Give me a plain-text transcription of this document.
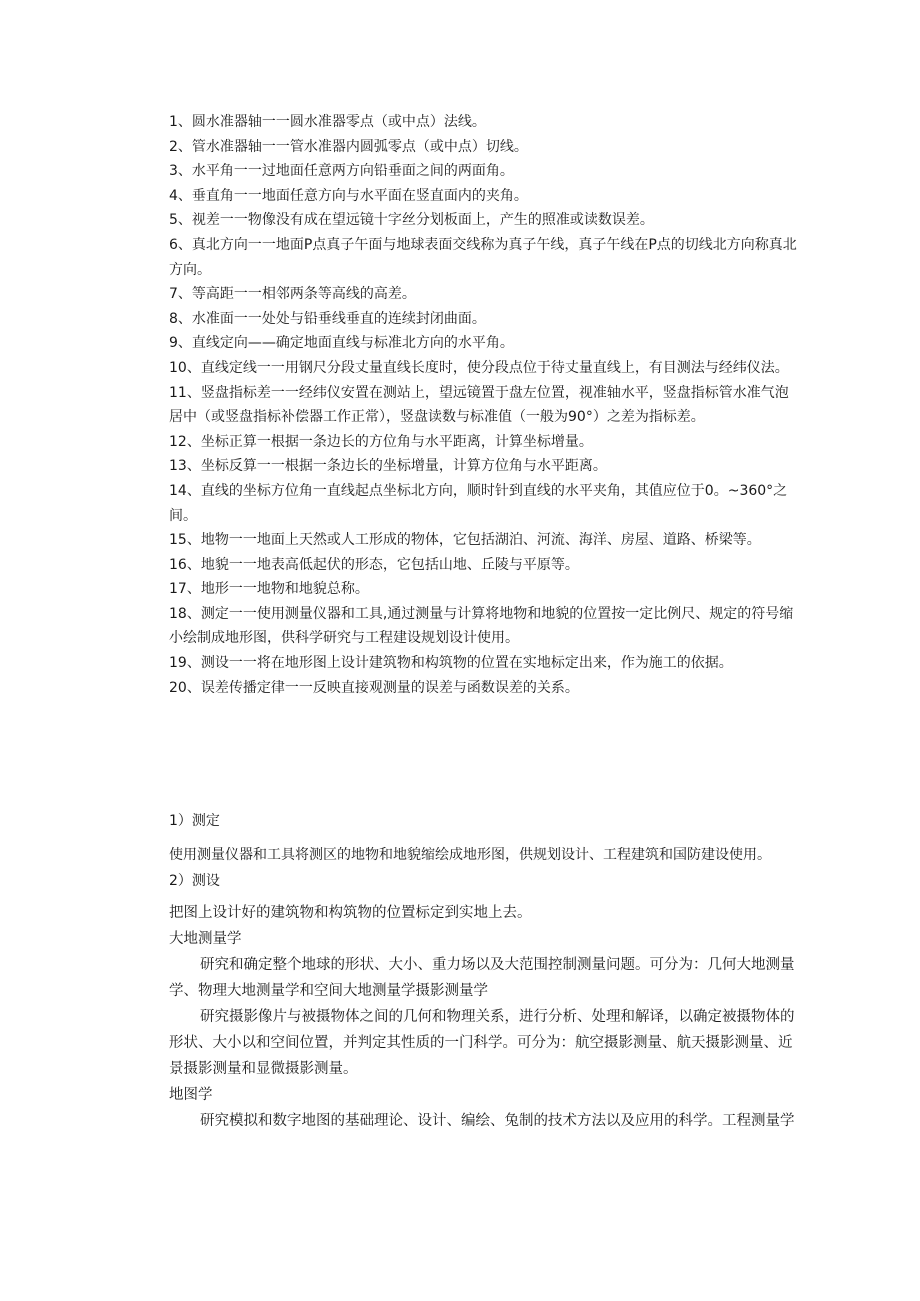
1、圆水准器轴一一圆水准器零点（或中点）法线。

2、管水准器轴一一管水准器内圆弧零点（或中点）切线。

3、水平角一一过地面任意两方向铅垂面之间的两面角。

4、垂直角一一地面任意方向与水平面在竖直面内的夹角。

5、视差一一物像没有成在望远镜十字丝分划板面上，产生的照准或读数误差。

6、真北方向一一地面P点真子午面与地球表面交线称为真子午线，真子午线在P点的切线北方向称真北方向。

7、等高距一一相邻两条等高线的高差。

8、水准面一一处处与铅垂线垂直的连续封闭曲面。

9、直线定向——确定地面直线与标准北方向的水平角。

10、直线定线一一用钢尺分段丈量直线长度时，使分段点位于待丈量直线上，有目测法与经纬仪法。

11、竖盘指标差一一经纬仪安置在测站上，望远镜置于盘左位置，视准轴水平，竖盘指标管水准气泡居中（或竖盘指标补偿器工作正常），竖盘读数与标准值（一般为90°）之差为指标差。

12、坐标正算一根据一条边长的方位角与水平距离，计算坐标增量。

13、坐标反算一一根据一条边长的坐标增量，计算方位角与水平距离。

14、直线的坐标方位角一直线起点坐标北方向，顺时针到直线的水平夹角，其值应位于0。~360°之间。

15、地物一一地面上天然或人工形成的物体，它包括湖泊、河流、海洋、房屋、道路、桥梁等。

16、地貌一一地表高低起伏的形态，它包括山地、丘陵与平原等。

17、地形一一地物和地貌总称。

18、测定一一使用测量仪器和工具,通过测量与计算将地物和地貌的位置按一定比例尺、规定的符号缩小绘制成地形图，供科学研究与工程建设规划设计使用。

19、测设一一将在地形图上设计建筑物和构筑物的位置在实地标定出来，作为施工的依据。

20、误差传播定律一一反映直接观测量的误差与函数误差的关系。

1）测定

使用测量仪器和工具将测区的地物和地貌缩绘成地形图，供规划设计、工程建筑和国防建设使用。

2）测设

把图上设计好的建筑物和构筑物的位置标定到实地上去。

大地测量学

研究和确定整个地球的形状、大小、重力场以及大范围控制测量问题。可分为：几何大地测量学、物理大地测量学和空间大地测量学摄影测量学

研究摄影像片与被摄物体之间的几何和物理关系，进行分析、处理和解译，以确定被摄物体的形状、大小以和空间位置，并判定其性质的一门科学。可分为：航空摄影测量、航天摄影测量、近景摄影测量和显微摄影测量。

地图学

研究模拟和数字地图的基础理论、设计、编绘、兔制的技术方法以及应用的科学。工程测量学
